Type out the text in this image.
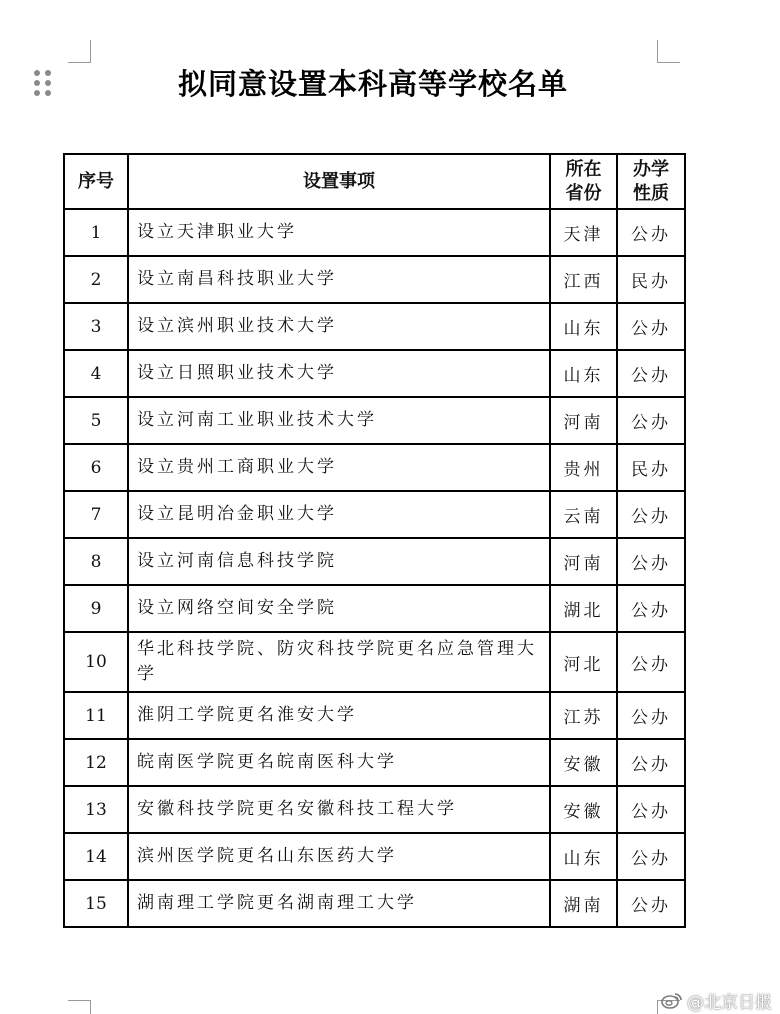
拟同意设置本科高等学校名单
序号	设置事项	所在省份	办学性质
1	设立天津职业大学	天津	公办
2	设立南昌科技职业大学	江西	民办
3	设立滨州职业技术大学	山东	公办
4	设立日照职业技术大学	山东	公办
5	设立河南工业职业技术大学	河南	公办
6	设立贵州工商职业大学	贵州	民办
7	设立昆明冶金职业大学	云南	公办
8	设立河南信息科技学院	河南	公办
9	设立网络空间安全学院	湖北	公办
10	华北科技学院、防灾科技学院更名应急管理大学	河北	公办
11	淮阴工学院更名淮安大学	江苏	公办
12	皖南医学院更名皖南医科大学	安徽	公办
13	安徽科技学院更名安徽科技工程大学	安徽	公办
14	滨州医学院更名山东医药大学	山东	公办
15	湖南理工学院更名湖南理工大学	湖南	公办
@北京日报
